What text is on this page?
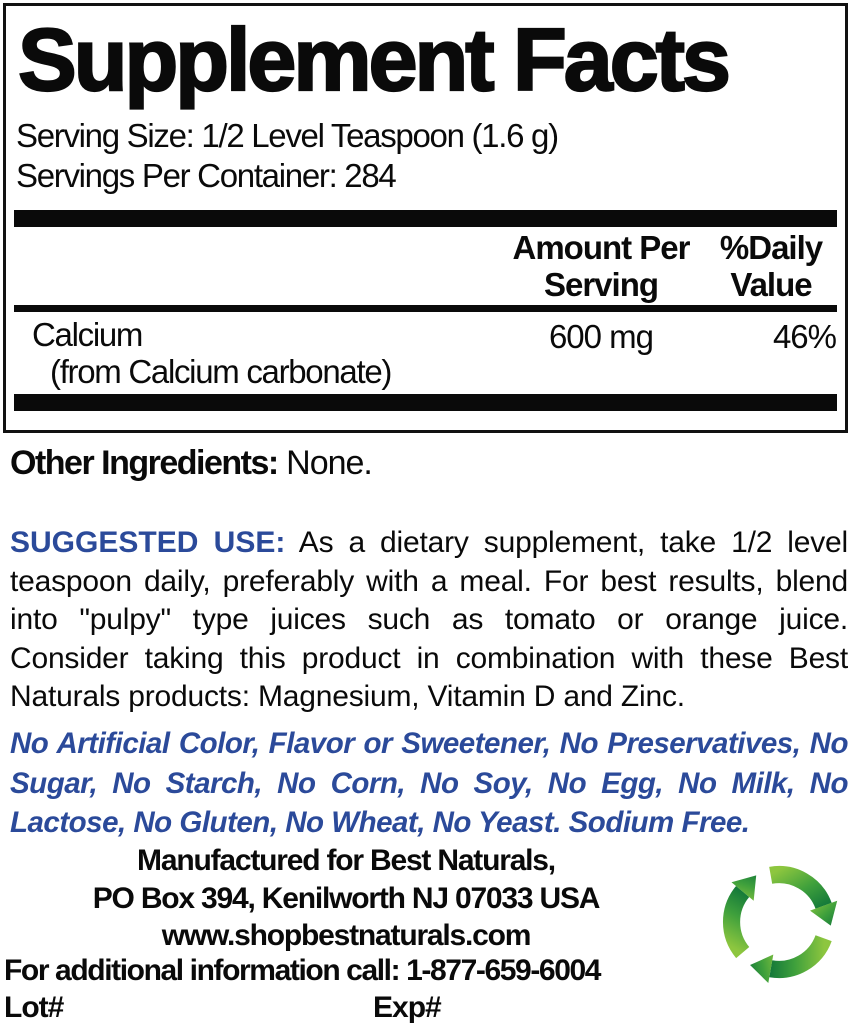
Supplement Facts
Serving Size: 1/2 Level Teaspoon (1.6 g)
Servings Per Container: 284
Amount Per
Serving
%Daily
Value
Calcium
(from Calcium carbonate)
600 mg	46%
Other Ingredients: None.
SUGGESTED USE: As a dietary supplement, take 1/2 level teaspoon daily, preferably with a meal. For best results, blend into "pulpy" type juices such as tomato or orange juice. Consider taking this product in combination with these Best Naturals products: Magnesium, Vitamin D and Zinc.
No Artificial Color, Flavor or Sweetener, No Preservatives, No Sugar, No Starch, No Corn, No Soy, No Egg, No Milk, No Lactose, No Gluten, No Wheat, No Yeast. Sodium Free.
Manufactured for Best Naturals,
PO Box 394, Kenilworth NJ 07033 USA
www.shopbestnaturals.com
For additional information call: 1-877-659-6004
Lot#	Exp#
